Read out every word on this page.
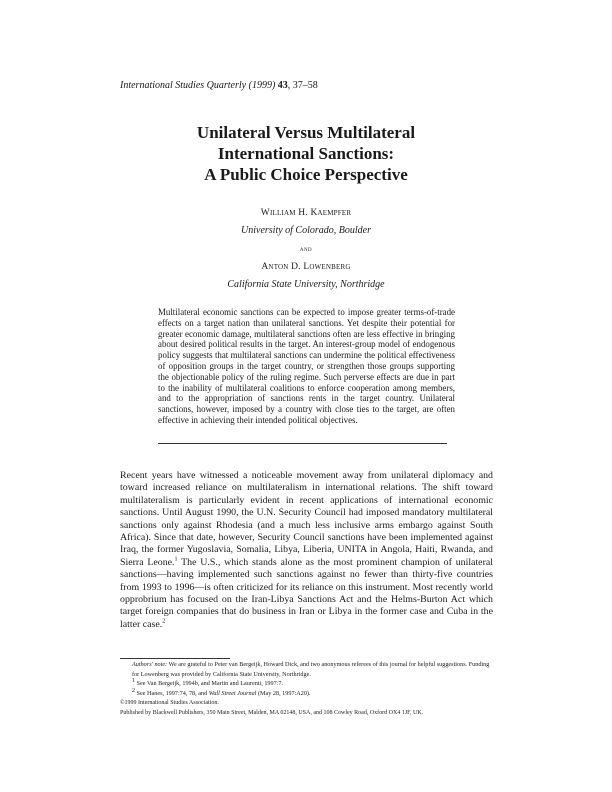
International Studies Quarterly (1999) 43, 37–58
Unilateral Versus Multilateral
International Sanctions:
A Public Choice Perspective
William H. Kaempfer
University of Colorado, Boulder
and
Anton D. Lowenberg
California State University, Northridge
Multilateral economic sanctions can be expected to impose greater terms-of-trade effects on a target nation than unilateral sanctions. Yet despite their potential for greater economic damage, multilateral sanctions often are less effective in bringing about desired political results in the target. An interest-group model of endogenous policy suggests that multilateral sanctions can undermine the political effectiveness of opposition groups in the target country, or strengthen those groups supporting the objectionable policy of the ruling regime. Such perverse effects are due in part to the inability of multilateral coalitions to enforce cooperation among members, and to the appropriation of sanctions rents in the target country. Unilateral sanctions, however, imposed by a country with close ties to the target, are often effective in achieving their intended political objectives.
Recent years have witnessed a noticeable movement away from unilateral diplomacy and toward increased reliance on multilateralism in international relations. The shift toward multilateralism is particularly evident in recent applications of international economic sanctions. Until August 1990, the U.N. Security Council had imposed mandatory multilateral sanctions only against Rhodesia (and a much less inclusive arms embargo against South Africa). Since that date, however, Security Council sanctions have been implemented against Iraq, the former Yugoslavia, Somalia, Libya, Liberia, UNITA in Angola, Haiti, Rwanda, and Sierra Leone.$^1$ The U.S., which stands alone as the most prominent champion of unilateral sanctions—having implemented such sanctions against no fewer than thirty-five countries from 1993 to 1996—is often criticized for its reliance on this instrument. Most recently world opprobrium has focused on the Iran-Libya Sanctions Act and the Helms-Burton Act which target foreign companies that do business in Iran or Libya in the former case and Cuba in the latter case.$^2$
Authors' note: We are grateful to Peter van Bergeijk, Howard Dick, and two anonymous referees of this journal for helpful suggestions. Funding for Lowenberg was provided by California State University, Northridge.
$^1$ See Van Bergeijk, 1994b, and Martin and Laurenti, 1997:7.
$^2$ See Hanes, 1997:74, 78, and Wall Street Journal (May 28, 1997:A20).
©1999 International Studies Association.
Published by Blackwell Publishers, 350 Main Street, Malden, MA 02148, USA, and 108 Cowley Road, Oxford OX4 1JF, UK.
